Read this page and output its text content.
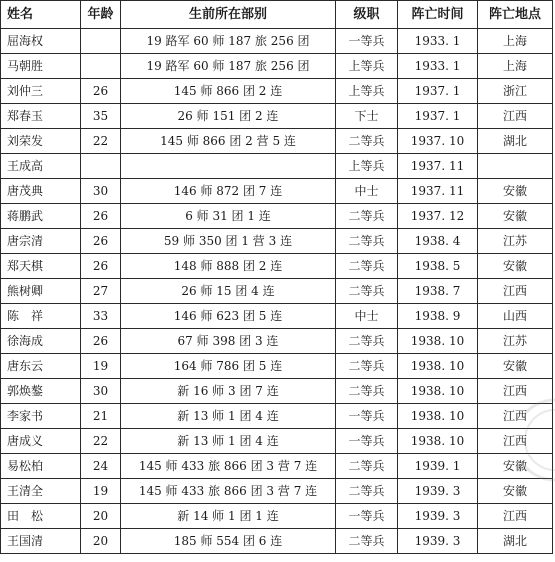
姓名	年龄	生前所在部别	级职	阵亡时间	阵亡地点
屈海权		19 路军 60 师 187 旅 256 团	一等兵	1933. 1	上海
马朝胜		19 路军 60 师 187 旅 256 团	上等兵	1933. 1	上海
刘仲三	26	145 师 866 团 2 连	上等兵	1937. 1	浙江
郑春玉	35	26 师 151 团 2 连	下士	1937. 1	江西
刘荣发	22	145 师 866 团 2 营 5 连	二等兵	1937. 10	湖北
王成高			上等兵	1937. 11	
唐茂典	30	146 师 872 团 7 连	中士	1937. 11	安徽
蒋鹏武	26	6 师 31 团 1 连	二等兵	1937. 12	安徽
唐宗清	26	59 师 350 团 1 营 3 连	二等兵	1938. 4	江苏
郑天棋	26	148 师 888 团 2 连	二等兵	1938. 5	安徽
熊树卿	27	26 师 15 团 4 连	二等兵	1938. 7	江西
陈　祥	33	146 师 623 团 5 连	中士	1938. 9	山西
徐海成	26	67 师 398 团 3 连	二等兵	1938. 10	江苏
唐东云	19	164 师 786 团 5 连	二等兵	1938. 10	安徽
郭焕鏊	30	新 16 师 3 团 7 连	二等兵	1938. 10	江西
李家书	21	新 13 师 1 团 4 连	一等兵	1938. 10	江西
唐成义	22	新 13 师 1 团 4 连	一等兵	1938. 10	江西
易松柏	24	145 师 433 旅 866 团 3 营 7 连	二等兵	1939. 1	安徽
王清全	19	145 师 433 旅 866 团 3 营 7 连	二等兵	1939. 3	安徽
田　松	20	新 14 师 1 团 1 连	一等兵	1939. 3	江西
王国清	20	185 师 554 团 6 连	二等兵	1939. 3	湖北
